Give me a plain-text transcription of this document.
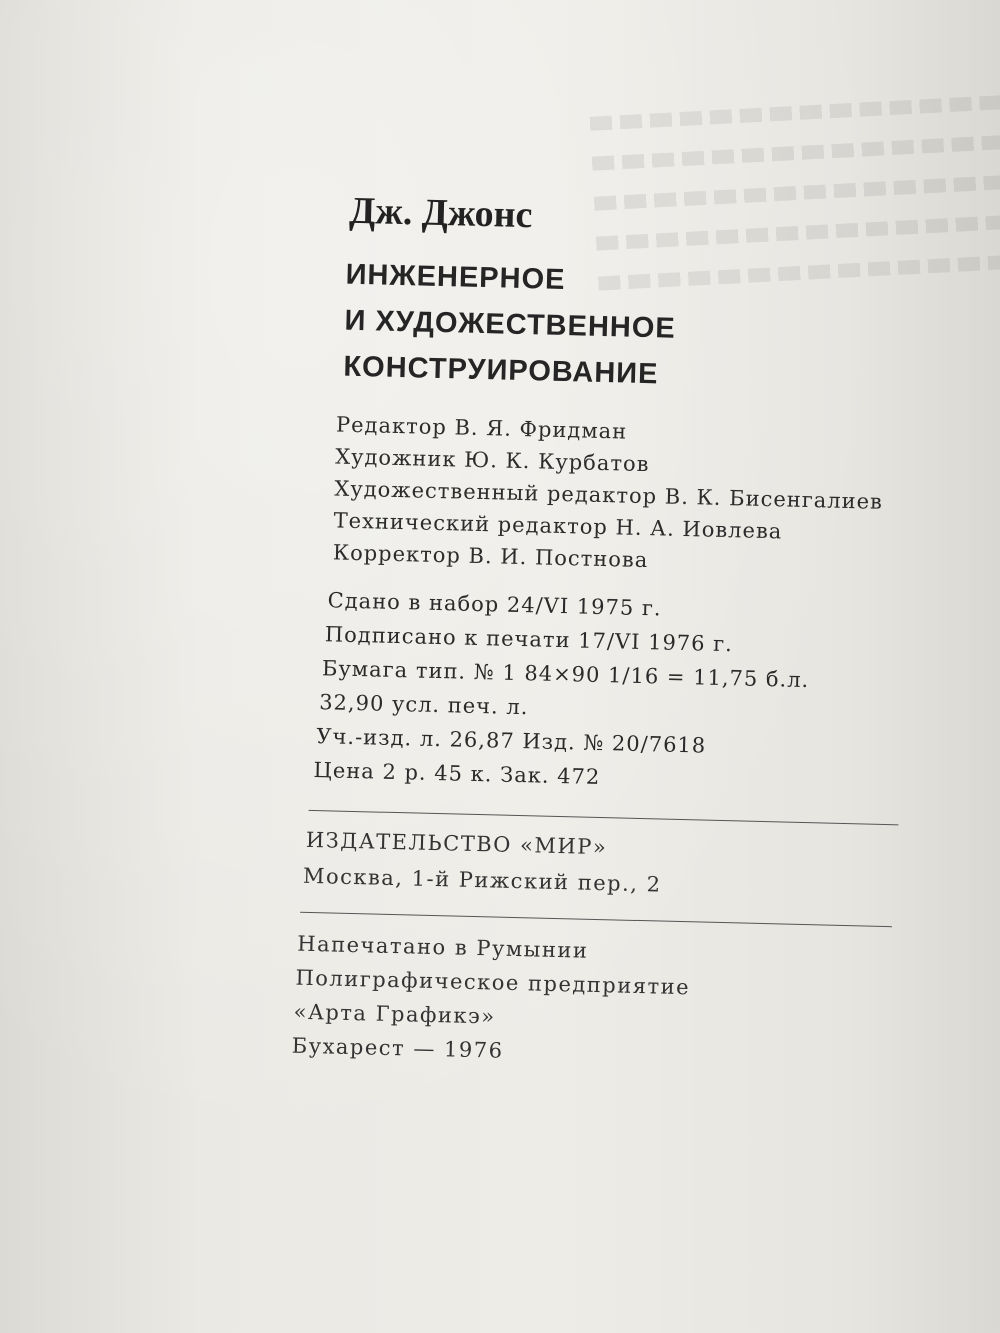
Дж. Джонс
ИНЖЕНЕРНОЕ
И ХУДОЖЕСТВЕННОЕ
КОНСТРУИРОВАНИЕ
Редактор В. Я. Фридман
Художник Ю. К. Курбатов
Художественный редактор В. К. Бисенгалиев
Технический редактор Н. А. Иовлева
Корректор В. И. Постнова
Сдано в набор 24/VI 1975 г.
Подписано к печати 17/VI 1976 г.
Бумага тип. № 1 84×90 1/16 = 11,75 б.л.
32,90 усл. печ. л.
Уч.-изд. л. 26,87 Изд. № 20/7618
Цена 2 р. 45 к. Зак. 472
ИЗДАТЕЛЬСТВО «МИР»
Москва, 1-й Рижский пер., 2
Напечатано в Румынии
Полиграфическое предприятие
«Арта Графикэ»
Бухарест — 1976
